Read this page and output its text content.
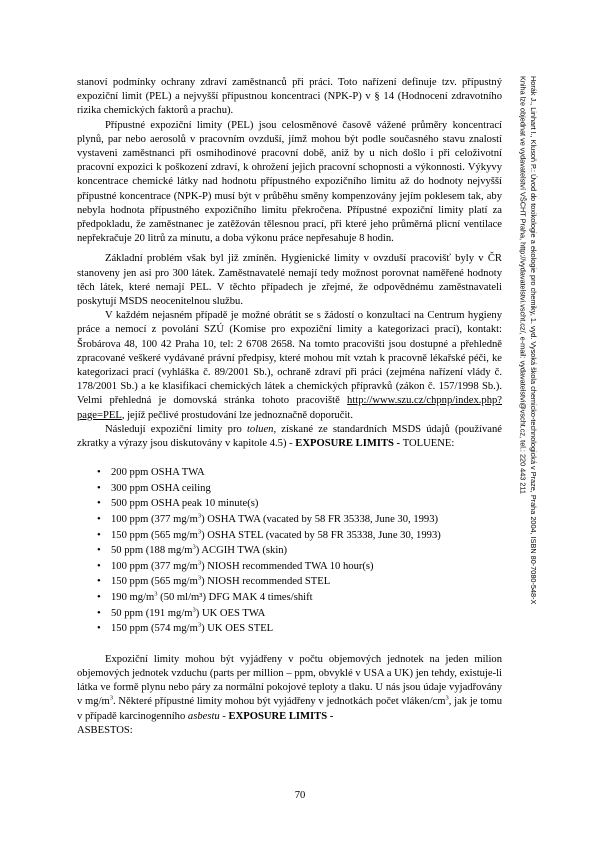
Horák J., Linhart I., Klusoň P.: Úvod do toxikologie a ekologie pro chemiky, 1. vyd. Vysoká škola chemicko-technologická v Praze, Praha 2004, ISBN 80-7080-548-X
Kniha lze objednat ve vydavatelství VŠCHT Praha, http://vydavatelstvi.vscht.cz/, e-mail: vydavatelstvi@vscht.cz, tel.: 220 443 211

stanoví podmínky ochrany zdraví zaměstnanců při práci. Toto nařízení definuje tzv. přípustný expoziční limit (PEL) a nejvyšší přípustnou koncentraci (NPK-P) v § 14 (Hodnocení zdravotního rizika chemických faktorů a prachu).

Přípustné expoziční limity (PEL) jsou celosměnové časově vážené průměry koncentrací plynů, par nebo aerosolů v pracovním ovzduší, jímž mohou být podle současného stavu znalostí vystaveni zaměstnanci při osmihodinové pracovní době, aniž by u nich došlo i při celoživotní pracovní expozici k poškození zdraví, k ohrožení jejich pracovní schopnosti a výkonnosti. Výkyvy koncentrace chemické látky nad hodnotu přípustného expozičního limitu až do hodnoty nejvyšší přípustné koncentrace (NPK-P) musí být v průběhu směny kompenzovány jejím poklesem tak, aby nebyla hodnota přípustného expozičního limitu překročena. Přípustné expoziční limity platí za předpokladu, že zaměstnanec je zatěžován tělesnou prací, při které jeho průměrná plicní ventilace nepřekračuje 20 litrů za minutu, a doba výkonu práce nepřesahuje 8 hodin.

Základní problém však byl již zmíněn. Hygienické limity v ovzduší pracovišť byly v ČR stanoveny jen asi pro 300 látek. Zaměstnavatelé nemají tedy možnost porovnat naměřené hodnoty těch látek, které nemají PEL. V těchto případech je zřejmé, že odpovědnému zaměstnavateli poskytují MSDS neocenitelnou službu.

V každém nejasném případě je možné obrátit se s žádostí o konzultaci na Centrum hygieny práce a nemocí z povolání SZÚ (Komise pro expoziční limity a kategorizaci prací), kontakt: Šrobárova 48, 100 42 Praha 10, tel: 2 6708 2658. Na tomto pracovišti jsou dostupné a přehledně zpracované veškeré vydávané právní předpisy, které mohou mít vztah k pracovně lékařské péči, ke kategorizaci prací (vyhláška č. 89/2001 Sb.), ochraně zdraví při práci (zejména nařízení vlády č. 178/2001 Sb.) a ke klasifikaci chemických látek a chemických přípravků (zákon č. 157/1998 Sb.). Velmi přehledná je domovská stránka tohoto pracoviště http://www.szu.cz/chpnp/index.php?page=PEL, jejíž pečlivé prostudování lze jednoznačně doporučit.

Následují expoziční limity pro toluen, získané ze standardních MSDS údajů (používané zkratky a výrazy jsou diskutovány v kapitole 4.5) - EXPOSURE LIMITS - TOLUENE:

• 200 ppm OSHA TWA
• 300 ppm OSHA ceiling
• 500 ppm OSHA peak 10 minute(s)
• 100 ppm (377 $mg/m^3$) OSHA TWA (vacated by 58 FR 35338, June 30, 1993)
• 150 ppm (565 $mg/m^3$) OSHA STEL (vacated by 58 FR 35338, June 30, 1993)
• 50 ppm (188 $mg/m^3$) ACGIH TWA (skin)
• 100 ppm (377 $mg/m^3$) NIOSH recommended TWA 10 hour(s)
• 150 ppm (565 $mg/m^3$) NIOSH recommended STEL
• 190 $mg/m^3$ (50 ml/m³) DFG MAK 4 times/shift
• 50 ppm (191 $mg/m^3$) UK OES TWA
• 150 ppm (574 $mg/m^3$) UK OES STEL

Expoziční limity mohou být vyjádřeny v počtu objemových jednotek na jeden milion objemových jednotek vzduchu (parts per million – ppm, obvyklé v USA a UK) jen tehdy, existuje-li látka ve formě plynu nebo páry za normální pokojové teploty a tlaku. U nás jsou údaje vyjadřovány v $mg/m^3$. Některé přípustné limity mohou být vyjádřeny v jednotkách počet vláken/$cm^3$, jak je tomu v případě karcinogenního asbestu - EXPOSURE LIMITS -
ASBESTOS:

70
